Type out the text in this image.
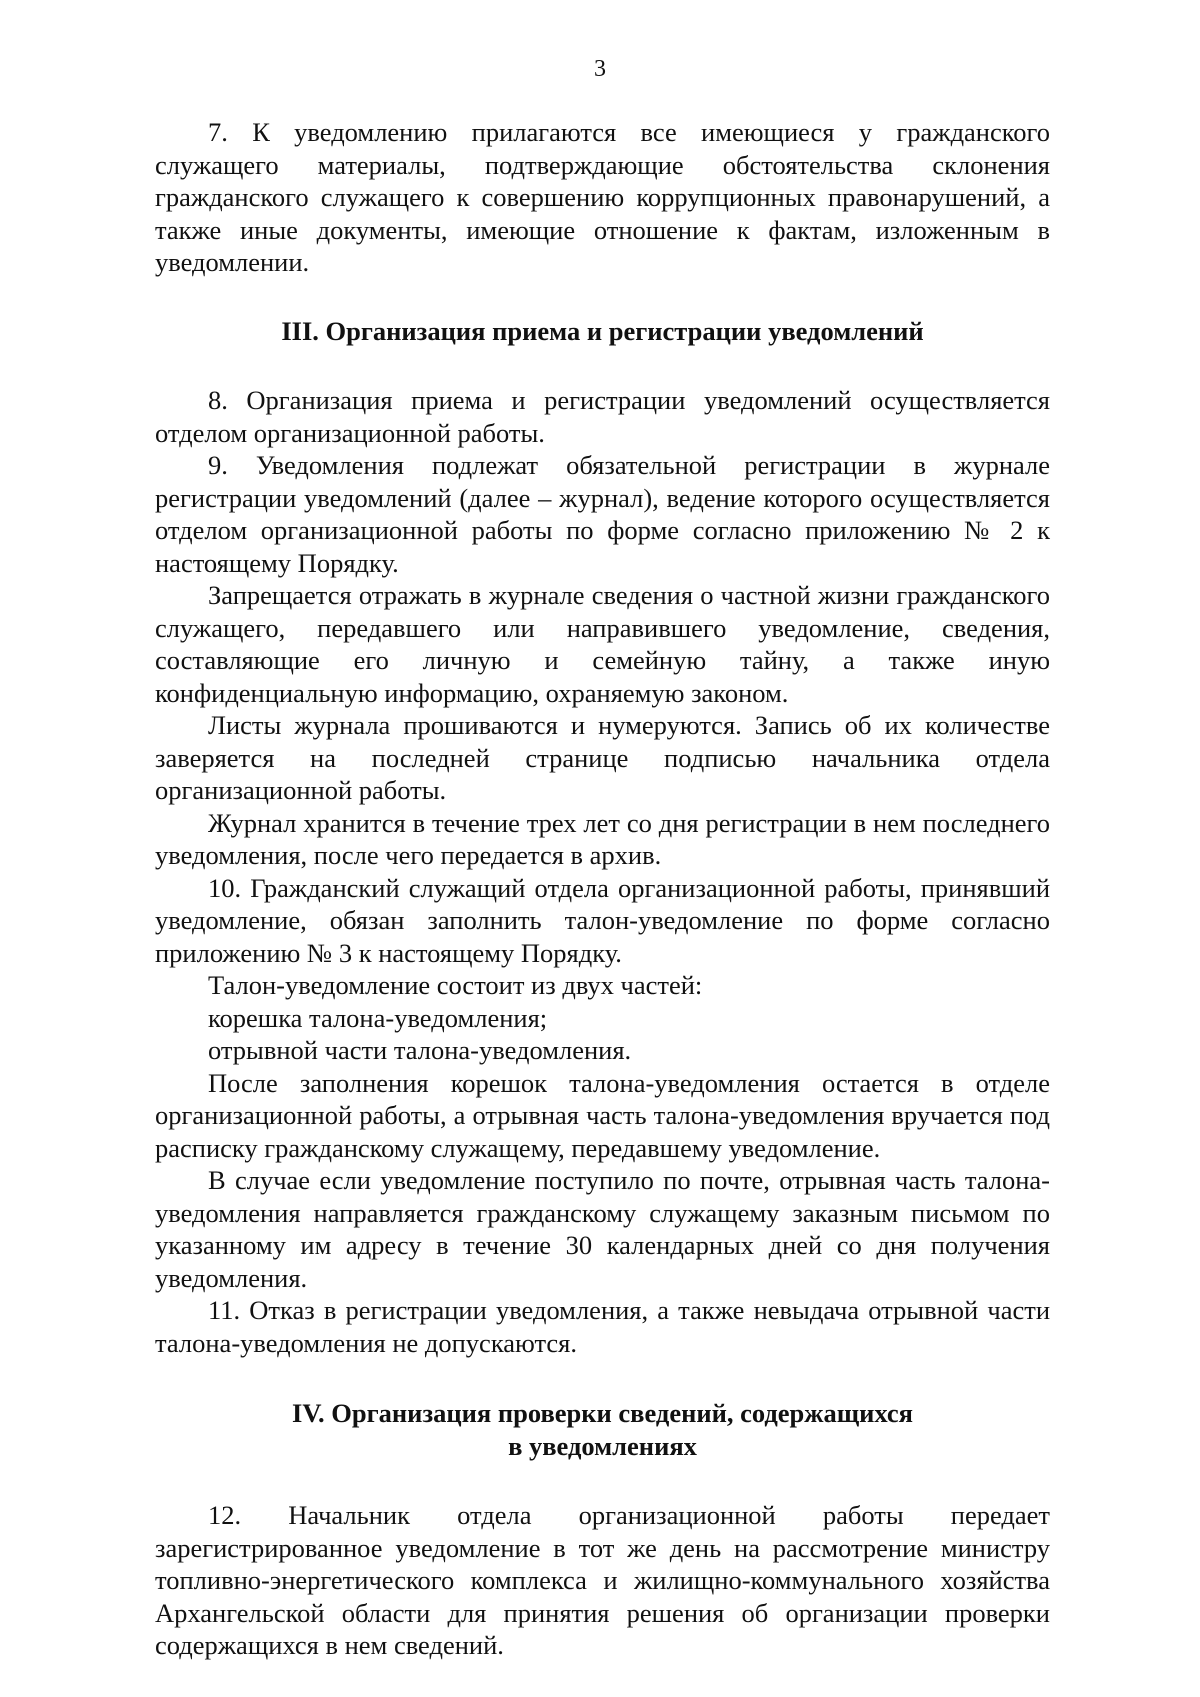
3

7. К уведомлению прилагаются все имеющиеся у гражданского служащего материалы, подтверждающие обстоятельства склонения гражданского служащего к совершению коррупционных правонарушений, а также иные документы, имеющие отношение к фактам, изложенным в уведомлении.

III. Организация приема и регистрации уведомлений

8. Организация приема и регистрации уведомлений осуществляется отделом организационной работы.

9. Уведомления подлежат обязательной регистрации в журнале регистрации уведомлений (далее – журнал), ведение которого осуществляется отделом организационной работы по форме согласно приложению № 2 к настоящему Порядку.

Запрещается отражать в журнале сведения о частной жизни гражданского служащего, передавшего или направившего уведомление, сведения, составляющие его личную и семейную тайну, а также иную конфиденциальную информацию, охраняемую законом.

Листы журнала прошиваются и нумеруются. Запись об их количестве заверяется на последней странице подписью начальника отдела организационной работы.

Журнал хранится в течение трех лет со дня регистрации в нем последнего уведомления, после чего передается в архив.

10. Гражданский служащий отдела организационной работы, принявший уведомление, обязан заполнить талон-уведомление по форме согласно приложению № 3 к настоящему Порядку.

Талон-уведомление состоит из двух частей:

корешка талона-уведомления;

отрывной части талона-уведомления.

После заполнения корешок талона-уведомления остается в отделе организационной работы, а отрывная часть талона-уведомления вручается под расписку гражданскому служащему, передавшему уведомление.

В случае если уведомление поступило по почте, отрывная часть талона-уведомления направляется гражданскому служащему заказным письмом по указанному им адресу в течение 30 календарных дней со дня получения уведомления.

11. Отказ в регистрации уведомления, а также невыдача отрывной части талона-уведомления не допускаются.

IV. Организация проверки сведений, содержащихся
в уведомлениях

12. Начальник отдела организационной работы передает зарегистрированное уведомление в тот же день на рассмотрение министру топливно-энергетического комплекса и жилищно-коммунального хозяйства Архангельской области для принятия решения об организации проверки содержащихся в нем сведений.
